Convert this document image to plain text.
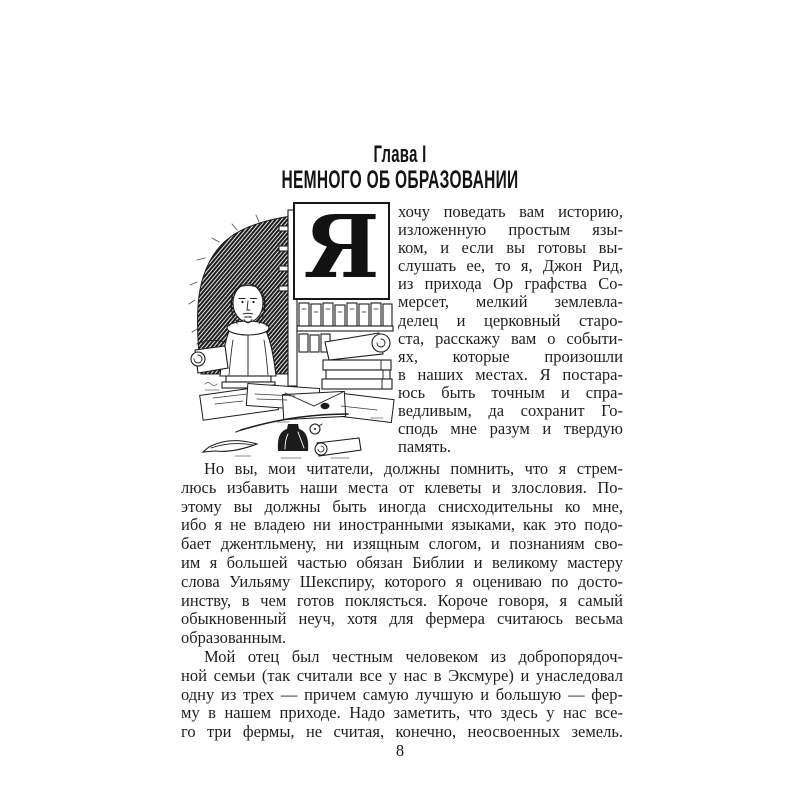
Глава I
НЕМНОГО ОБ ОБРАЗОВАНИИ
Я хочу поведать вам историю,
изложенную простым язы-
ком, и если вы готовы вы-
слушать ее, то я, Джон Рид,
из прихода Ор графства Со-
мерсет, мелкий землевла-
делец и церковный старо-
ста, расскажу вам о событи-
ях, которые произошли
в наших местах. Я постара-
юсь быть точным и спра-
ведливым, да сохранит Го-
сподь мне разум и твердую
память.
Но вы, мои читатели, должны помнить, что я стрем-
люсь избавить наши места от клеветы и злословия. По-
этому вы должны быть иногда снисходительны ко мне,
ибо я не владею ни иностранными языками, как это подо-
бает джентльмену, ни изящным слогом, и познаниям сво-
им я большей частью обязан Библии и великому мастеру
слова Уильяму Шекспиру, которого я оцениваю по досто-
инству, в чем готов поклясться. Короче говоря, я самый
обыкновенный неуч, хотя для фермера считаюсь весьма
образованным.
Мой отец был честным человеком из добропорядоч-
ной семьи (так считали все у нас в Эксмуре) и унаследовал
одну из трех — причем самую лучшую и большую — фер-
му в нашем приходе. Надо заметить, что здесь у нас все-
го три фермы, не считая, конечно, неосвоенных земель.
8
